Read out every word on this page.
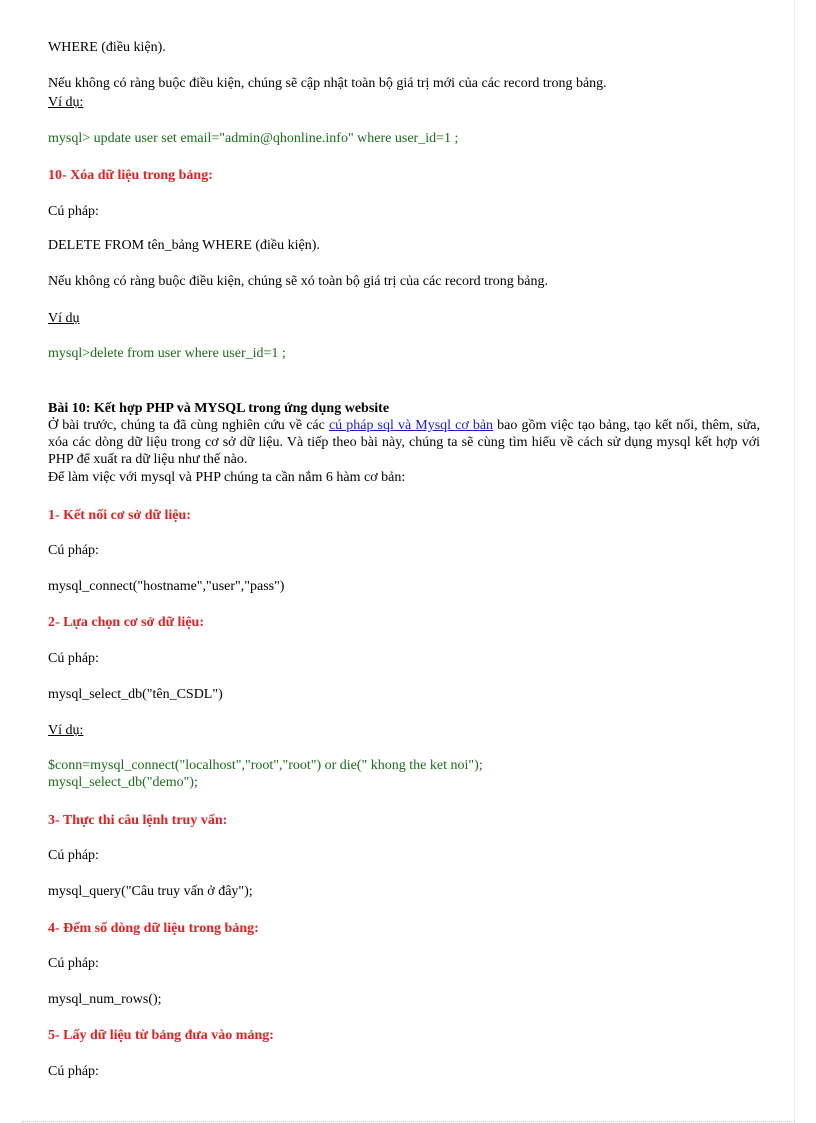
WHERE (điều kiện).
Nếu không có ràng buộc điều kiện, chúng sẽ cập nhật toàn bộ giá trị mới của các record trong bảng.
Ví dụ:
mysql> update user set email="admin@qhonline.info" where user_id=1 ;
10- Xóa dữ liệu trong bảng:
Cú pháp:
DELETE FROM tên_bảng WHERE (điều kiện).
Nếu không có ràng buộc điều kiện, chúng sẽ xó toàn bộ giá trị của các record trong bảng.
Ví dụ
mysql>delete from user where user_id=1 ;
Bài 10: Kết hợp PHP và MYSQL trong ứng dụng website
Ở bài trước, chúng ta đã cùng nghiên cứu về các cú pháp sql và Mysql cơ bản bao gồm việc tạo bảng, tạo kết nối, thêm, sửa, xóa các dòng dữ liệu trong cơ sở dữ liệu. Và tiếp theo bài này, chúng ta sẽ cùng tìm hiểu về cách sử dụng mysql kết hợp với PHP để xuất ra dữ liệu như thế nào.
Để làm việc với mysql và PHP chúng ta cần nắm 6 hàm cơ bản:
1- Kết nối cơ sở dữ liệu:
Cú pháp:
mysql_connect("hostname","user","pass")
2- Lựa chọn cơ sở dữ liệu:
Cú pháp:
mysql_select_db("tên_CSDL")
Ví dụ:
$conn=mysql_connect("localhost","root","root") or die(" khong the ket noi");
mysql_select_db("demo");
3- Thực thi câu lệnh truy vấn:
Cú pháp:
mysql_query("Câu truy vấn ở đây");
4- Đếm số dòng dữ liệu trong bảng:
Cú pháp:
mysql_num_rows();
5- Lấy dữ liệu từ bảng đưa vào mảng:
Cú pháp:
